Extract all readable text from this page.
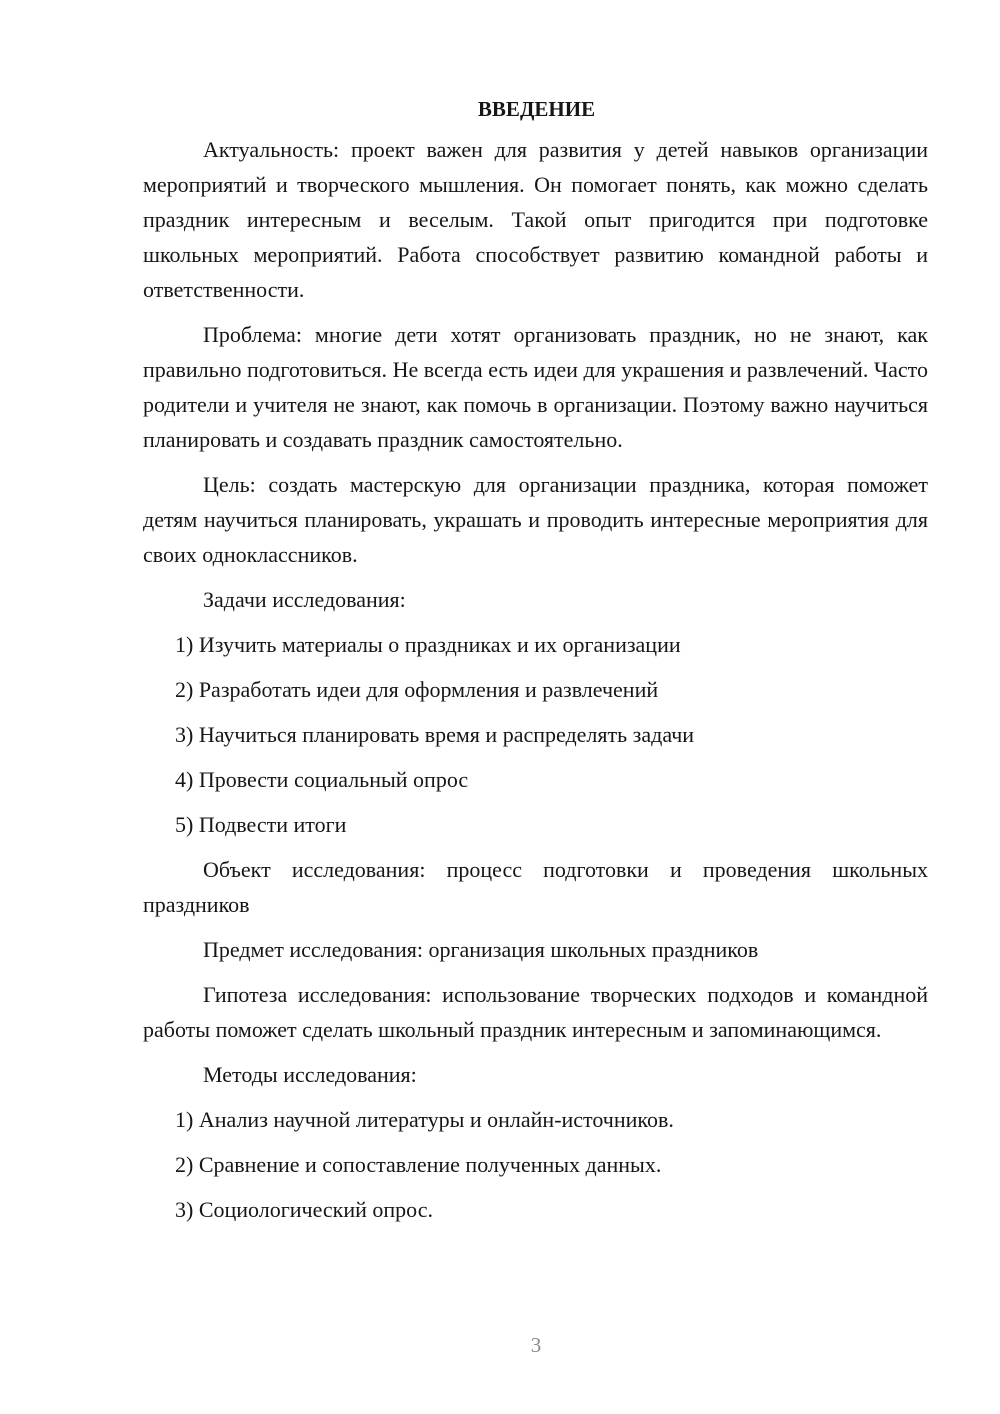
ВВЕДЕНИЕ

Актуальность: проект важен для развития у детей навыков организации мероприятий и творческого мышления. Он помогает понять, как можно сделать праздник интересным и веселым. Такой опыт пригодится при подготовке школьных мероприятий. Работа способствует развитию командной работы и ответственности.

Проблема: многие дети хотят организовать праздник, но не знают, как правильно подготовиться. Не всегда есть идеи для украшения и развлечений. Часто родители и учителя не знают, как помочь в организации. Поэтому важно научиться планировать и создавать праздник самостоятельно.

Цель: создать мастерскую для организации праздника, которая поможет детям научиться планировать, украшать и проводить интересные мероприятия для своих одноклассников.

Задачи исследования:
1) Изучить материалы о праздниках и их организации
2) Разработать идеи для оформления и развлечений
3) Научиться планировать время и распределять задачи
4) Провести социальный опрос
5) Подвести итоги

Объект исследования: процесс подготовки и проведения школьных праздников

Предмет исследования: организация школьных праздников

Гипотеза исследования: использование творческих подходов и командной работы поможет сделать школьный праздник интересным и запоминающимся.

Методы исследования:
1) Анализ научной литературы и онлайн-источников.
2) Сравнение и сопоставление полученных данных.
3) Социологический опрос.
3
